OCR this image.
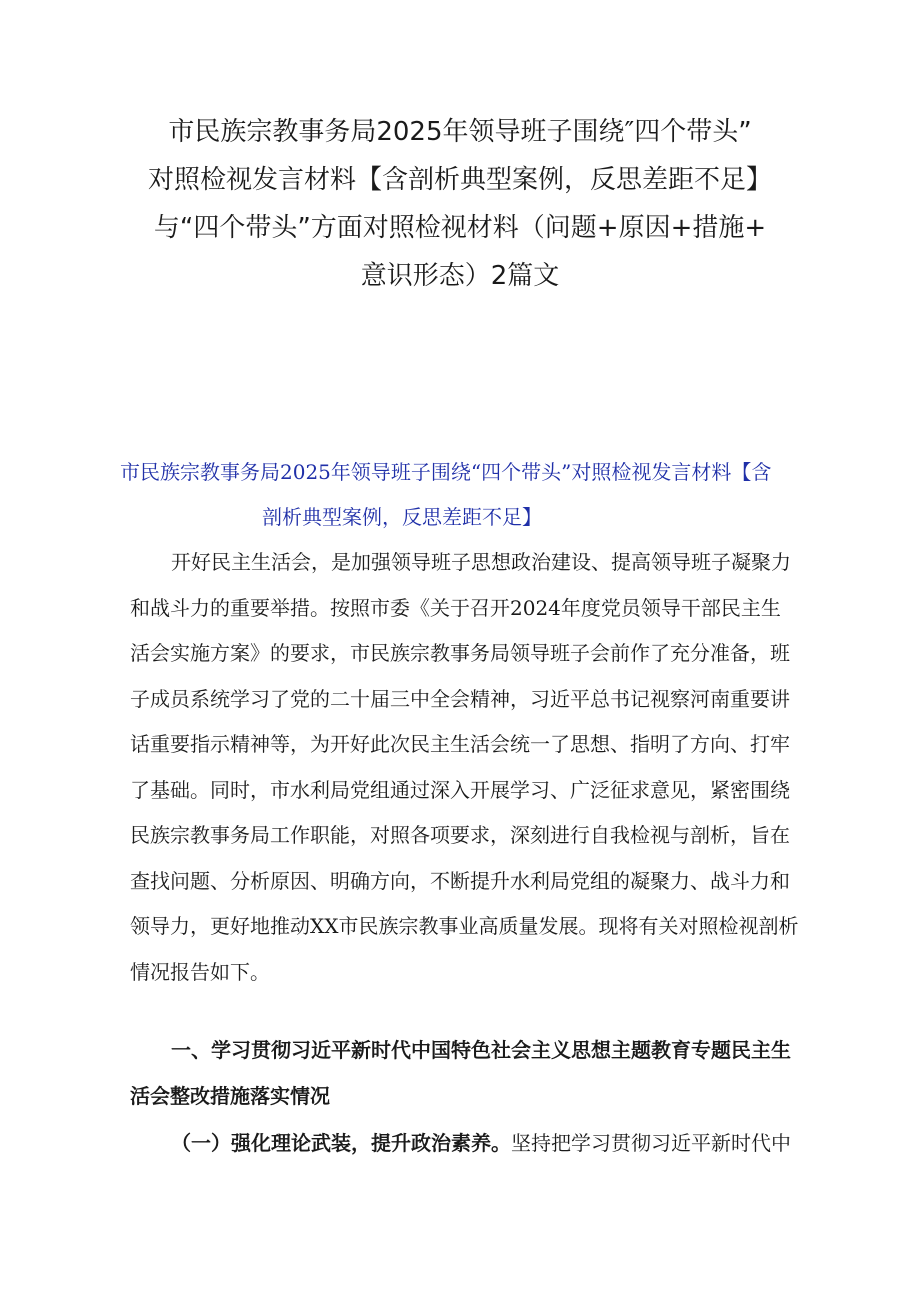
市民族宗教事务局2025年领导班子围绕″四个带头”
对照检视发言材料【含剖析典型案例，反思差距不足】
与“四个带头”方面对照检视材料（问题+原因+措施+
意识形态）2篇文
市民族宗教事务局2025年领导班子围绕“四个带头”对照检视发言材料【含
剖析典型案例，反思差距不足】

开好民主生活会，是加强领导班子思想政治建设、提高领导班子凝聚力
和战斗力的重要举措。按照市委《关于召开2024年度党员领导干部民主生
活会实施方案》的要求，市民族宗教事务局领导班子会前作了充分准备，班
子成员系统学习了党的二十届三中全会精神，习近平总书记视察河南重要讲
话重要指示精神等，为开好此次民主生活会统一了思想、指明了方向、打牢
了基础。同时，市水利局党组通过深入开展学习、广泛征求意见，紧密围绕
民族宗教事务局工作职能，对照各项要求，深刻进行自我检视与剖析，旨在
查找问题、分析原因、明确方向，不断提升水利局党组的凝聚力、战斗力和
领导力，更好地推动XX市民族宗教事业高质量发展。现将有关对照检视剖析
情况报告如下。

一、学习贯彻习近平新时代中国特色社会主义思想主题教育专题民主生
活会整改措施落实情况

（一）强化理论武装，提升政治素养。坚持把学习贯彻习近平新时代中
